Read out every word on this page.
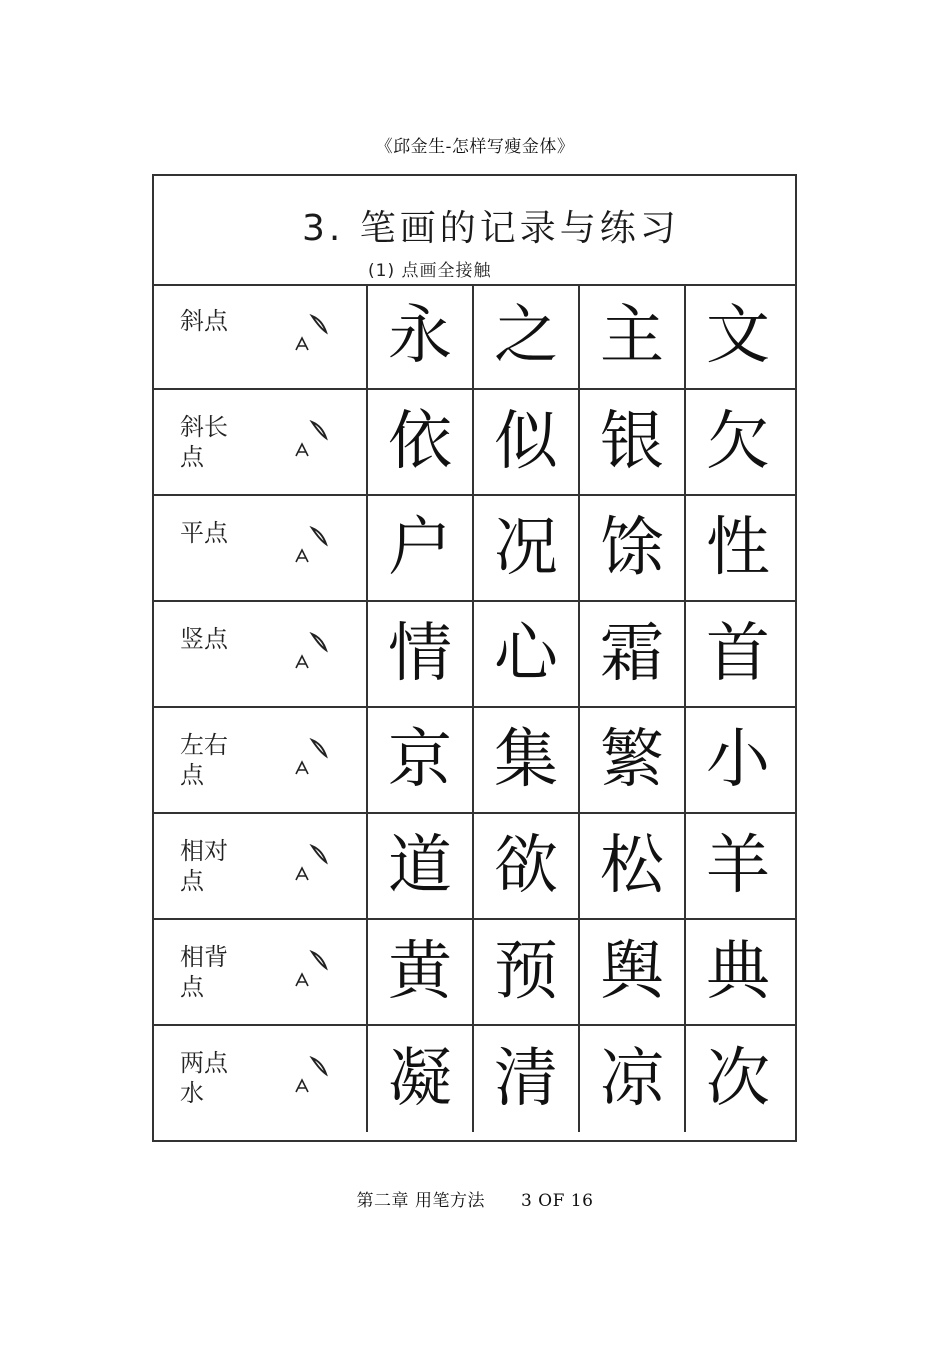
《邱金生-怎样写瘦金体》
3. 笔画的记录与练习
(1) 点画全接触
斜点	永 之 主 文
斜长
点	依 似 银 欠
平点	户 况 馀 性
竖点	情 心 霜 首
左右
点	京 集 繁 小
相对
点	道 欲 松 羊
相背
点	黄 预 舆 典
两点
水	凝 清 凉 次
第二章 用笔方法 3 OF 16
